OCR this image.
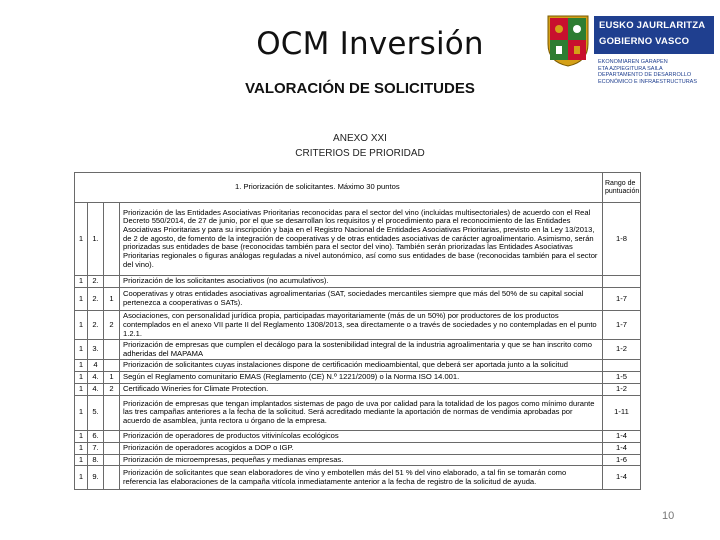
OCM Inversión
VALORACIÓN DE SOLICITUDES
EUSKO JAURLARITZA
GOBIERNO VASCO
EKONOMIAREN GARAPEN
ETA AZPIEGITURA SAILA
DEPARTAMENTO DE DESARROLLO
ECONÓMICO E INFRAESTRUCTURAS
ANEXO XXI
CRITERIOS DE PRIORIDAD
1. Priorización de solicitantes. Máximo 30 puntos				Rango de puntuación
1	1.		Priorización de las Entidades Asociativas Prioritarias reconocidas para el sector del vino (incluidas multisectoriales) de acuerdo con el Real Decreto 550/2014, de 27 de junio, por el que se desarrollan los requisitos y el procedimiento para el reconocimiento de las Entidades Asociativas Prioritarias y para su inscripción y baja en el Registro Nacional de Entidades Asociativas Prioritarias, previsto en la Ley 13/2013, de 2 de agosto, de fomento de la integración de cooperativas y de otras entidades asociativas de carácter agroalimentario. Asimismo, serán priorizadas sus entidades de base (reconocidas también para el sector del vino). También serán priorizadas las Entidades Asociativas Prioritarias regionales o figuras análogas reguladas a nivel autonómico, así como sus entidades de base (reconocidas también para el sector del vino).	1-8
1	2.		Priorización de los solicitantes asociativos (no acumulativos).	
1	2.	1	Cooperativas y otras entidades asociativas agroalimentarias (SAT, sociedades mercantiles siempre que más del 50% de su capital social pertenezca a cooperativas o SATs).	1-7
1	2.	2	Asociaciones, con personalidad jurídica propia, participadas mayoritariamente (más de un 50%) por productores de los productos contemplados en el anexo VII parte II del Reglamento 1308/2013, sea directamente o a través de sociedades y no contempladas en el punto 1.2.1.	1-7
1	3.		Priorización de empresas que cumplen el decálogo para la sostenibilidad integral de la industria agroalimentaria y que se han inscrito como adheridas del MAPAMA	1-2
1	4		Priorización de solicitantes cuyas instalaciones dispone de certificación medioambiental, que deberá ser aportada junto a la solicitud	
1	4.	1	Según el Reglamento comunitario EMAS (Reglamento (CE) N.º 1221/2009) o la Norma ISO 14.001.	1-5
1	4.	2	Certificado Wineries for Climate Protection.	1-2
1	5.		Priorización de empresas que tengan implantados sistemas de pago de uva por calidad para la totalidad de los pagos como mínimo durante las tres campañas anteriores a la fecha de la solicitud. Será acreditado mediante la aportación de normas de vendimia aprobadas por acuerdo de asamblea, junta rectora u órgano de la empresa.	1-11
1	6.		Priorización de operadores de productos vitivinícolas ecológicos	1-4
1	7.		Priorización de operadores acogidos a DOP o IGP.	1-4
1	8.		Priorización de microempresas, pequeñas y medianas empresas.	1-6
1	9.		Priorización de solicitantes que sean elaboradores de vino y embotellen más del 51 % del vino elaborado, a tal fin se tomarán como referencia las elaboraciones de la campaña vitícola inmediatamente anterior a la fecha de registro de la solicitud de ayuda.	1-4
10
